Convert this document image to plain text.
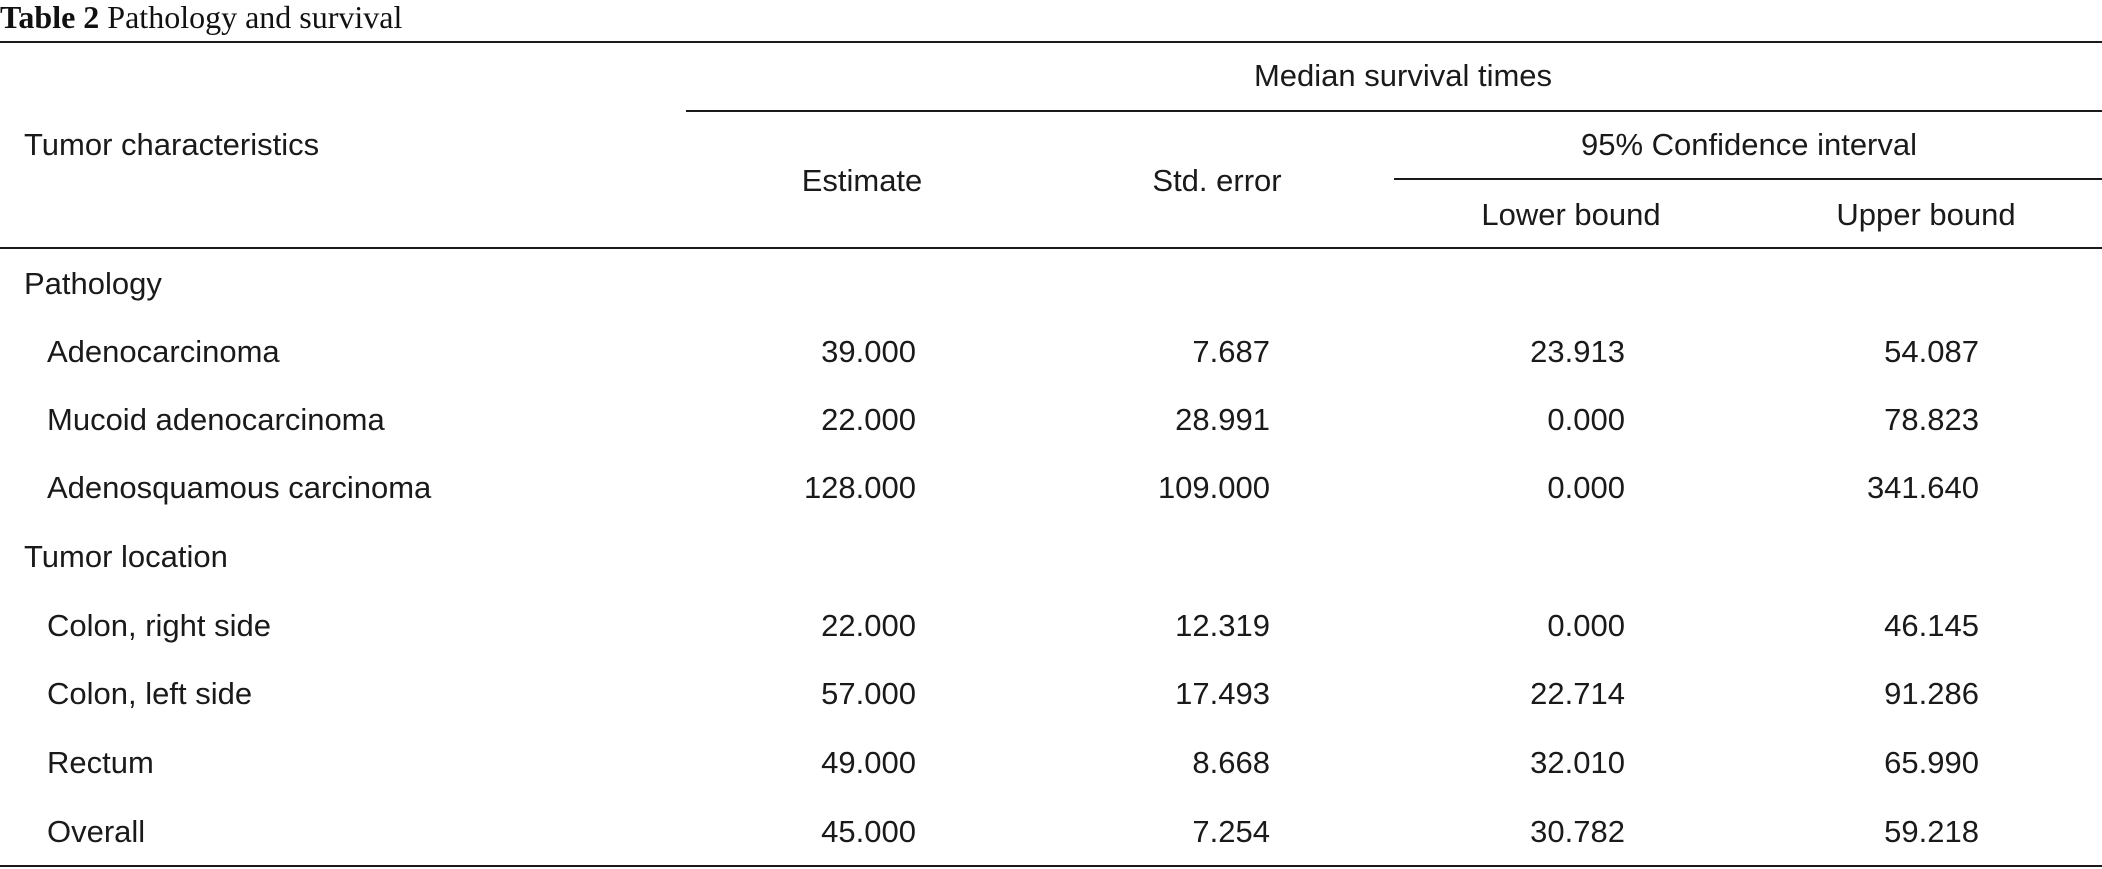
Table 2 Pathology and survival
Median survival times
Tumor characteristics	95% Confidence interval
Estimate	Std. error
Lower bound	Upper bound
Pathology
Adenocarcinoma	39.000	7.687	23.913	54.087
Mucoid adenocarcinoma	22.000	28.991	0.000	78.823
Adenosquamous carcinoma	128.000	109.000	0.000	341.640
Tumor location
Colon, right side	22.000	12.319	0.000	46.145
Colon, left side	57.000	17.493	22.714	91.286
Rectum	49.000	8.668	32.010	65.990
Overall	45.000	7.254	30.782	59.218
